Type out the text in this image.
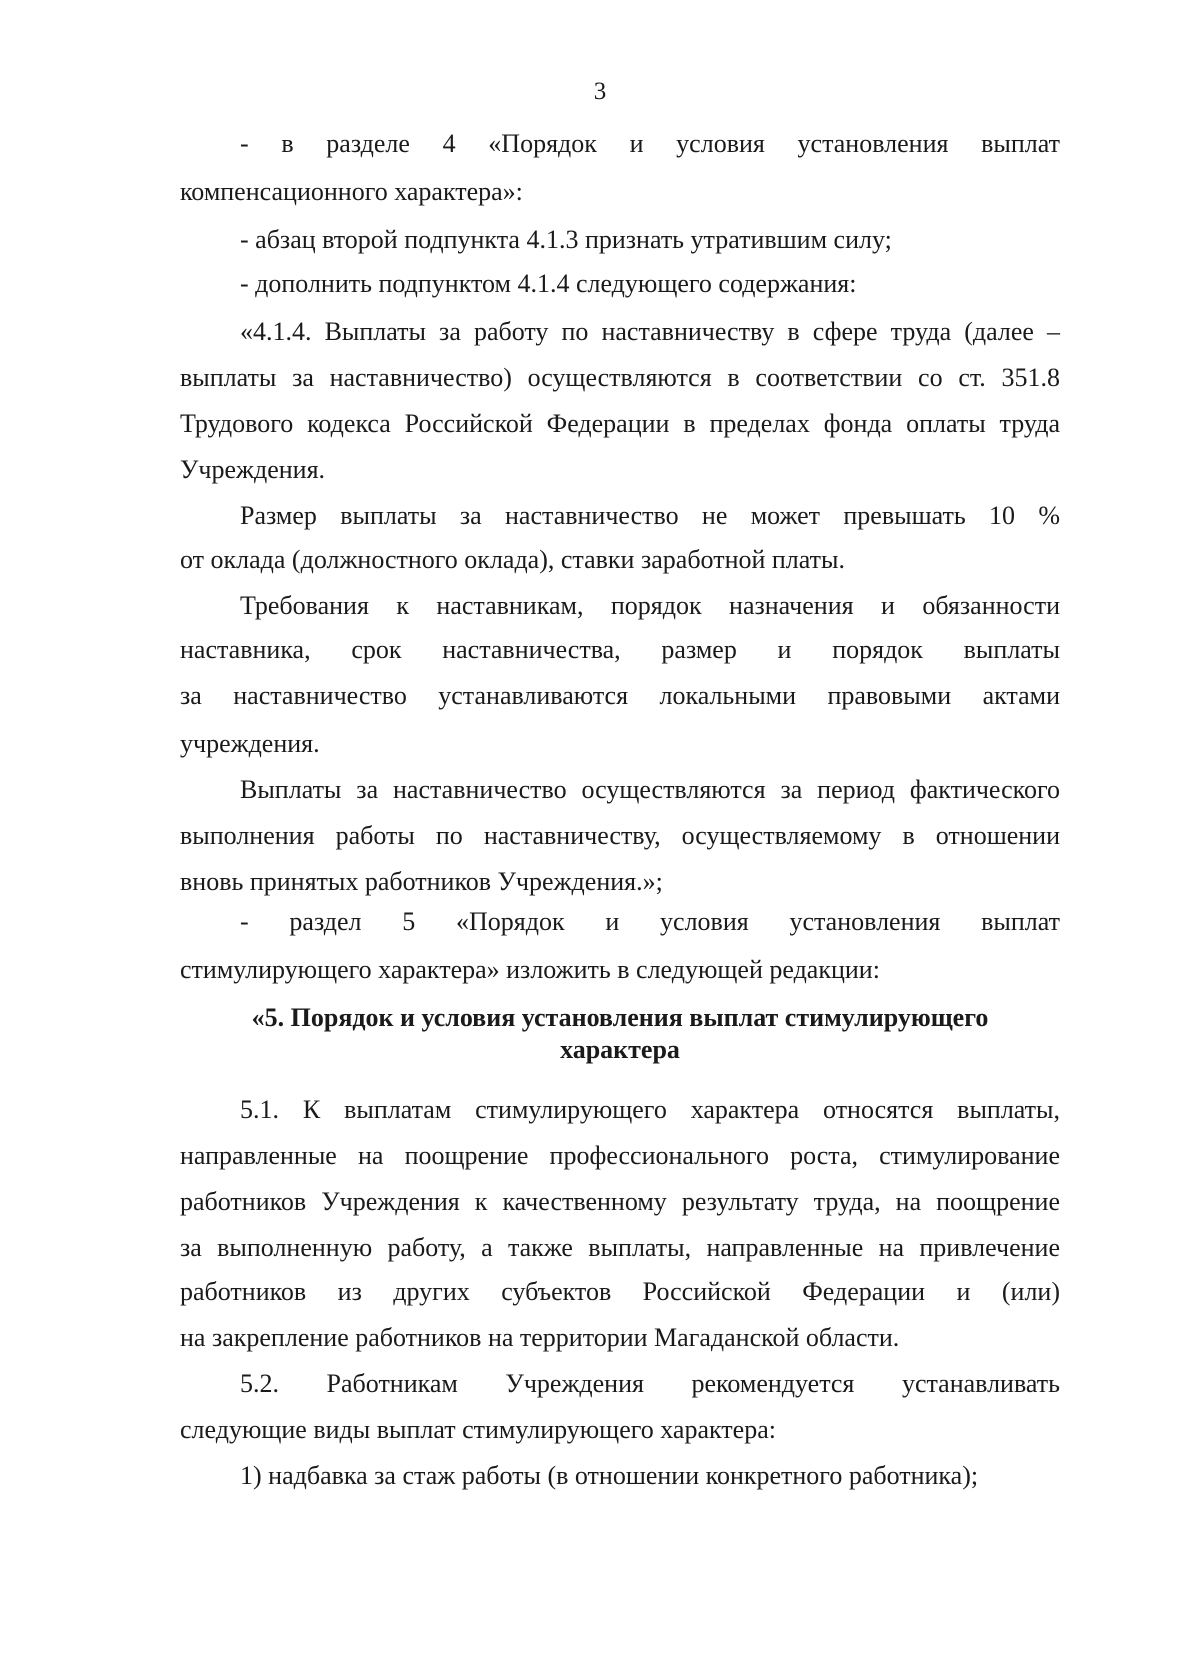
3
- в разделе 4 «Порядок и условия установления выплат
компенсационного характера»:
- абзац второй подпункта 4.1.3 признать утратившим силу;
- дополнить подпунктом 4.1.4 следующего содержания:
«4.1.4. Выплаты за работу по наставничеству в сфере труда (далее –
выплаты за наставничество) осуществляются в соответствии со ст. 351.8
Трудового кодекса Российской Федерации в пределах фонда оплаты труда
Учреждения.
Размер выплаты за наставничество не может превышать 10 %
от оклада (должностного оклада), ставки заработной платы.
Требования к наставникам, порядок назначения и обязанности
наставника, срок наставничества, размер и порядок выплаты
за наставничество устанавливаются локальными правовыми актами
учреждения.
Выплаты за наставничество осуществляются за период фактического
выполнения работы по наставничеству, осуществляемому в отношении
вновь принятых работников Учреждения.»;
- раздел 5 «Порядок и условия установления выплат
стимулирующего характера» изложить в следующей редакции:
«5. Порядок и условия установления выплат стимулирующего
характера
5.1. К выплатам стимулирующего характера относятся выплаты,
направленные на поощрение профессионального роста, стимулирование
работников Учреждения к качественному результату труда, на поощрение
за выполненную работу, а также выплаты, направленные на привлечение
работников из других субъектов Российской Федерации и (или)
на закрепление работников на территории Магаданской области.
5.2. Работникам Учреждения рекомендуется устанавливать
следующие виды выплат стимулирующего характера:
1) надбавка за стаж работы (в отношении конкретного работника);
